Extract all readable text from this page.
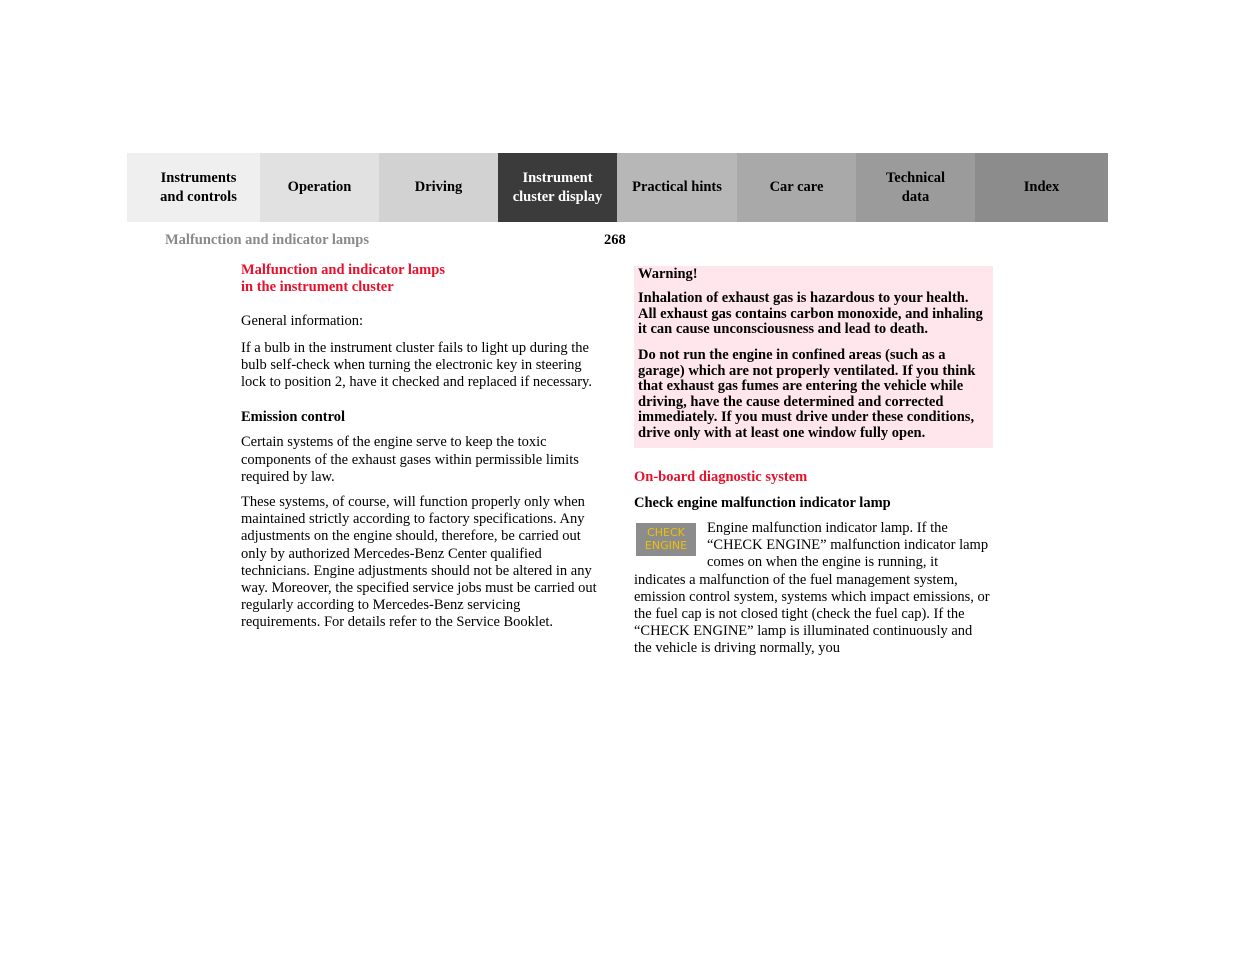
Instruments
and controls
Operation	Driving
Instrument
cluster display
Practical hints	Car care
Technical
data
Index
Malfunction and indicator lamps	268

Malfunction and indicator lamps
in the instrument cluster

General information:

If a bulb in the instrument cluster fails to light up during the bulb self-check when turning the electronic key in steering lock to position 2, have it checked and replaced if necessary.

Emission control

Certain systems of the engine serve to keep the toxic components of the exhaust gases within permissible limits required by law.

These systems, of course, will function properly only when maintained strictly according to factory specifications. Any adjustments on the engine should, therefore, be carried out only by authorized Mercedes-Benz Center qualified technicians. Engine adjustments should not be altered in any way. Moreover, the specified service jobs must be carried out regularly according to Mercedes-Benz servicing requirements. For details refer to the Service Booklet.

Warning!

Inhalation of exhaust gas is hazardous to your health. All exhaust gas contains carbon monoxide, and inhaling it can cause unconsciousness and lead to death.

Do not run the engine in confined areas (such as a garage) which are not properly ventilated. If you think that exhaust gas fumes are entering the vehicle while driving, have the cause determined and corrected immediately. If you must drive under these conditions, drive only with at least one window fully open.

On-board diagnostic system

Check engine malfunction indicator lamp

CHECK
ENGINE

Engine malfunction indicator lamp. If the “CHECK ENGINE” malfunction indicator lamp comes on when the engine is running, it indicates a malfunction of the fuel management system, emission control system, systems which impact emissions, or the fuel cap is not closed tight (check the fuel cap). If the “CHECK ENGINE” lamp is illuminated continuously and the vehicle is driving normally, you
